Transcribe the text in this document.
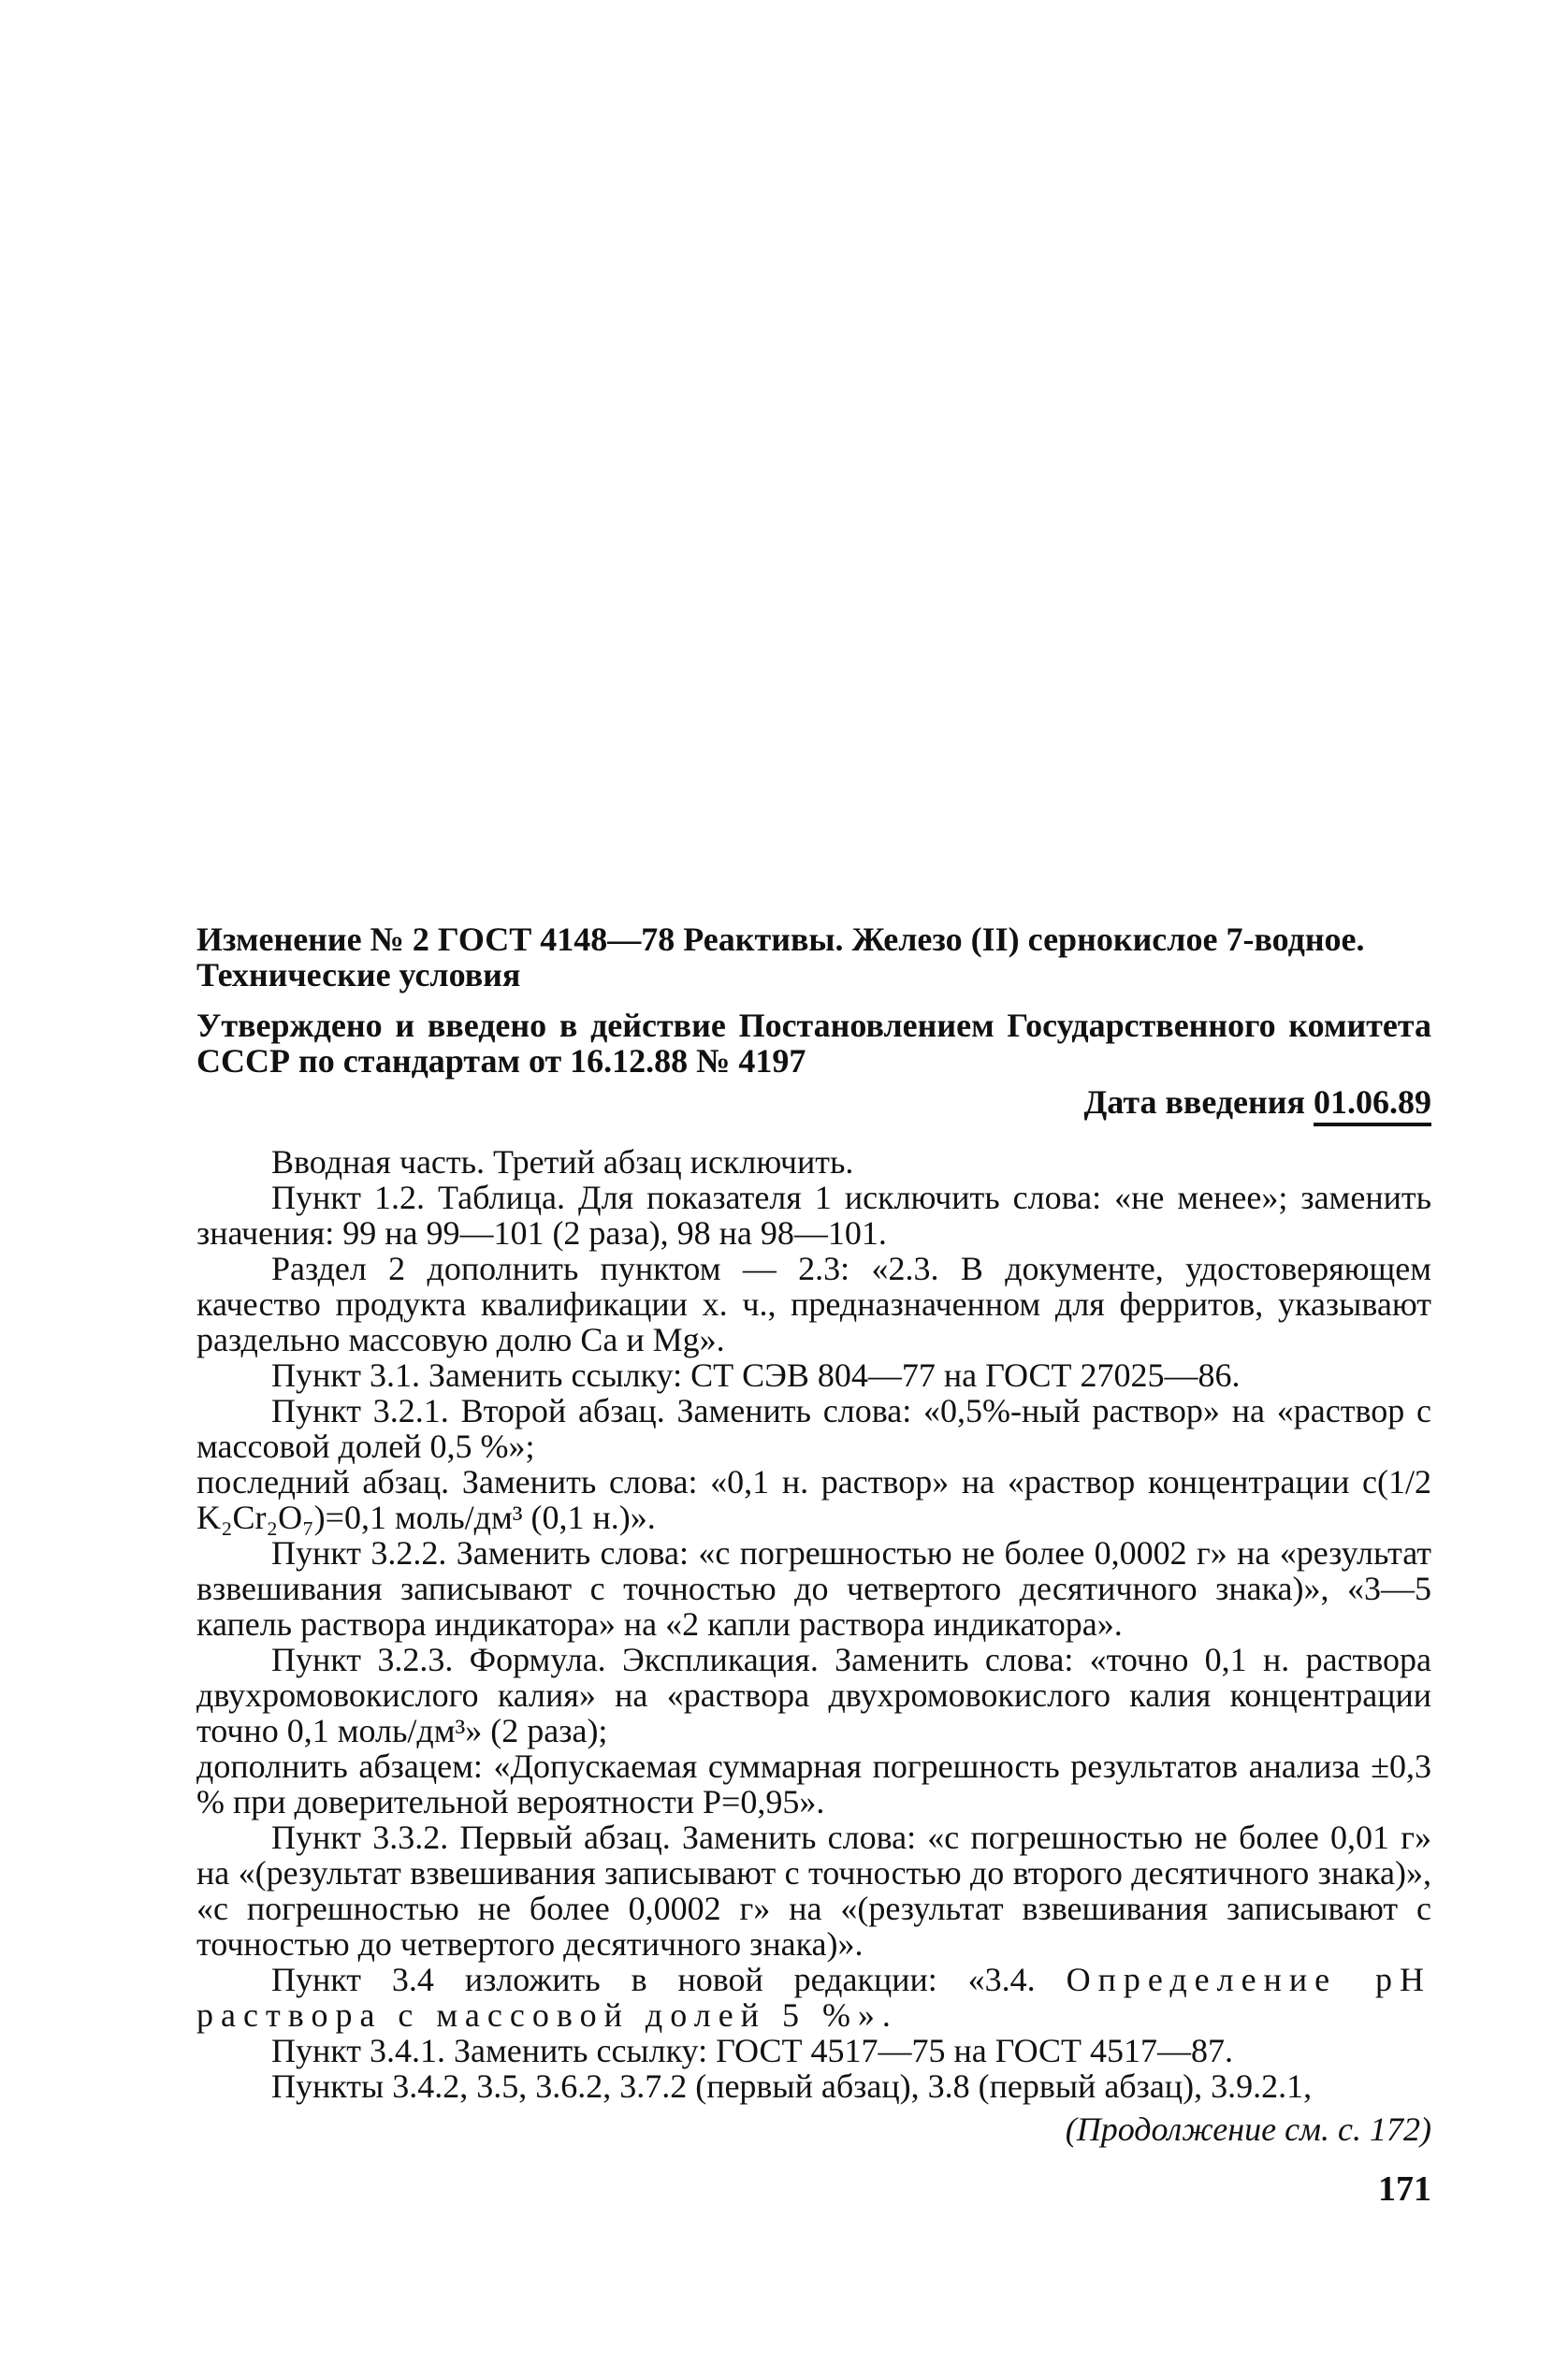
Изменение № 2 ГОСТ 4148—78 Реактивы. Железо (II) сернокислое 7-водное.
Технические условия
Утверждено и введено в действие Постановлением Государственного комитета СССР по стандартам от 16.12.88 № 4197
Дата введения 01.06.89

Вводная часть. Третий абзац исключить.

Пункт 1.2. Таблица. Для показателя 1 исключить слова: «не менее»; заменить значения: 99 на 99—101 (2 раза), 98 на 98—101.

Раздел 2 дополнить пунктом — 2.3: «2.3. В документе, удостоверяющем качество продукта квалификации х. ч., предназначенном для ферритов, указывают раздельно массовую долю Ca и Mg».

Пункт 3.1. Заменить ссылку: СТ СЭВ 804—77 на ГОСТ 27025—86.

Пункт 3.2.1. Второй абзац. Заменить слова: «0,5%-ный раствор» на «раствор с массовой долей 0,5 %»;

последний абзац. Заменить слова: «0,1 н. раствор» на «раствор концентрации c(1/2 K₂Cr₂O₇)=0,1 моль/дм³ (0,1 н.)».

Пункт 3.2.2. Заменить слова: «с погрешностью не более 0,0002 г» на «результат взвешивания записывают с точностью до четвертого десятичного знака)», «3—5 капель раствора индикатора» на «2 капли раствора индикатора».

Пункт 3.2.3. Формула. Экспликация. Заменить слова: «точно 0,1 н. раствора двухромовокислого калия» на «раствора двухромовокислого калия концентрации точно 0,1 моль/дм³» (2 раза);

дополнить абзацем: «Допускаемая суммарная погрешность результатов анализа ±0,3 % при доверительной вероятности P=0,95».

Пункт 3.3.2. Первый абзац. Заменить слова: «с погрешностью не более 0,01 г» на «(результат взвешивания записывают с точностью до второго десятичного знака)», «с погрешностью не более 0,0002 г» на «(результат взвешивания записывают с точностью до четвертого десятичного знака)».

Пункт 3.4 изложить в новой редакции: «3.4. Определение pH раствора с массовой долей 5 %».

Пункт 3.4.1. Заменить ссылку: ГОСТ 4517—75 на ГОСТ 4517—87.

Пункты 3.4.2, 3.5, 3.6.2, 3.7.2 (первый абзац), 3.8 (первый абзац), 3.9.2.1,

(Продолжение см. с. 172)
171
